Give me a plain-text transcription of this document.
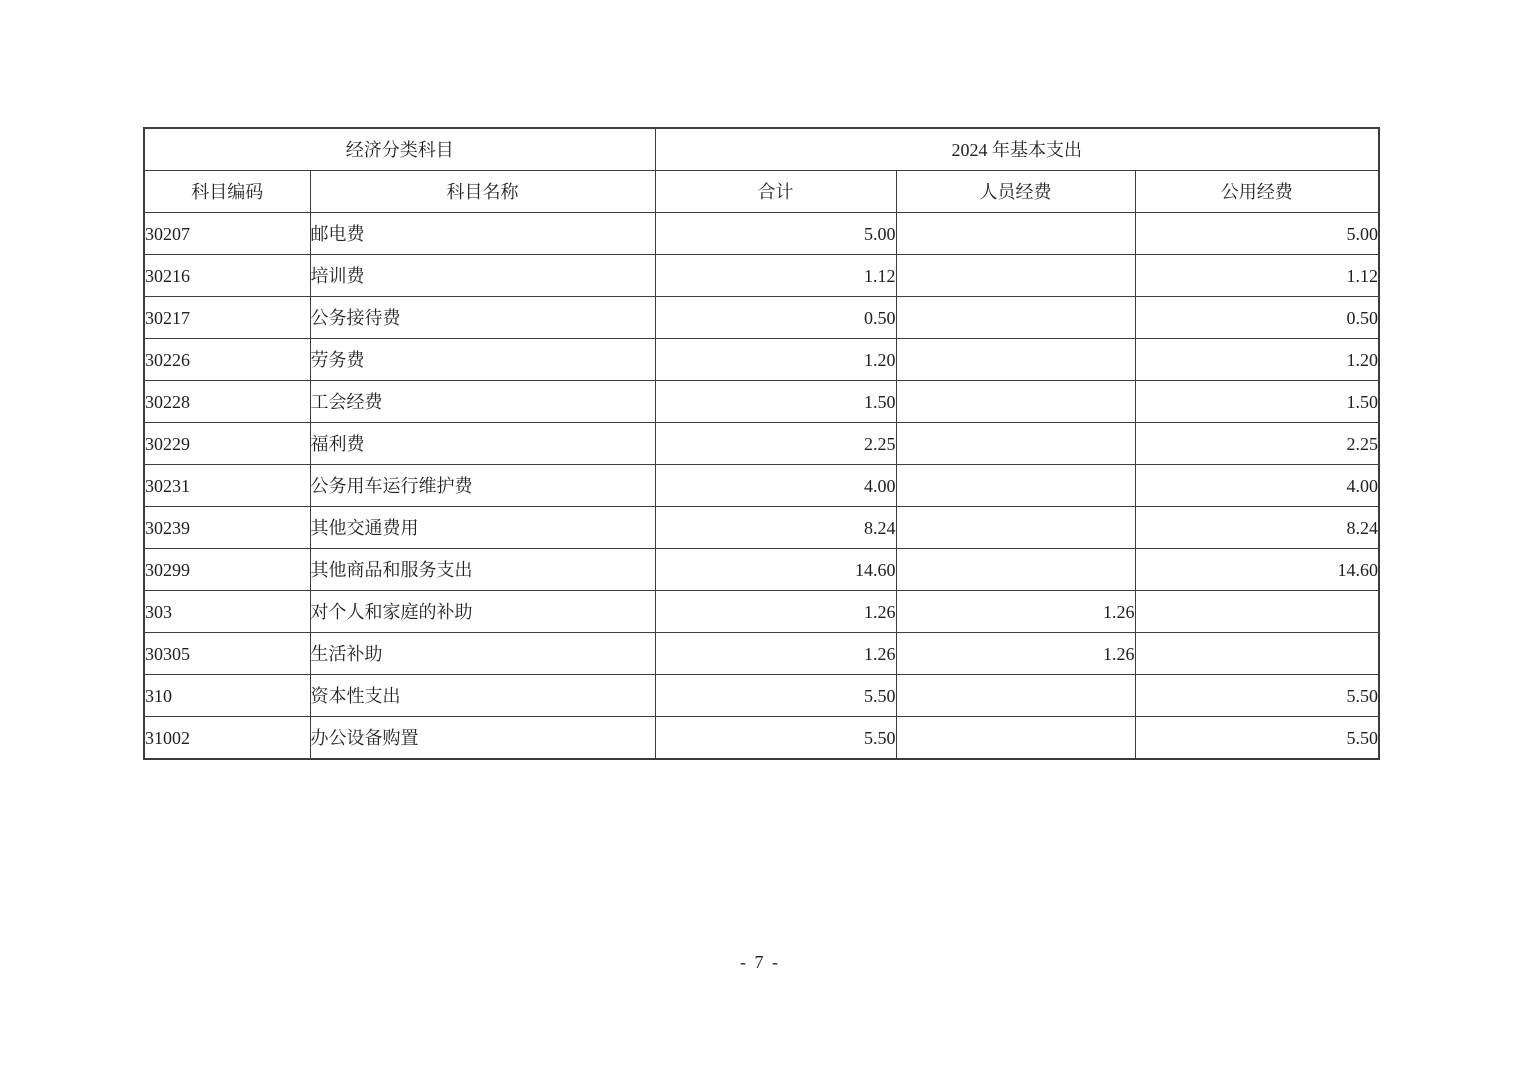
经济分类科目		2024 年基本支出		
科目编码	科目名称	合计	人员经费	公用经费
30207	邮电费	5.00		5.00
30216	培训费	1.12		1.12
30217	公务接待费	0.50		0.50
30226	劳务费	1.20		1.20
30228	工会经费	1.50		1.50
30229	福利费	2.25		2.25
30231	公务用车运行维护费	4.00		4.00
30239	其他交通费用	8.24		8.24
30299	其他商品和服务支出	14.60		14.60
303	对个人和家庭的补助	1.26	1.26	
30305	生活补助	1.26	1.26	
310	资本性支出	5.50		5.50
31002	办公设备购置	5.50		5.50
- 7 -
